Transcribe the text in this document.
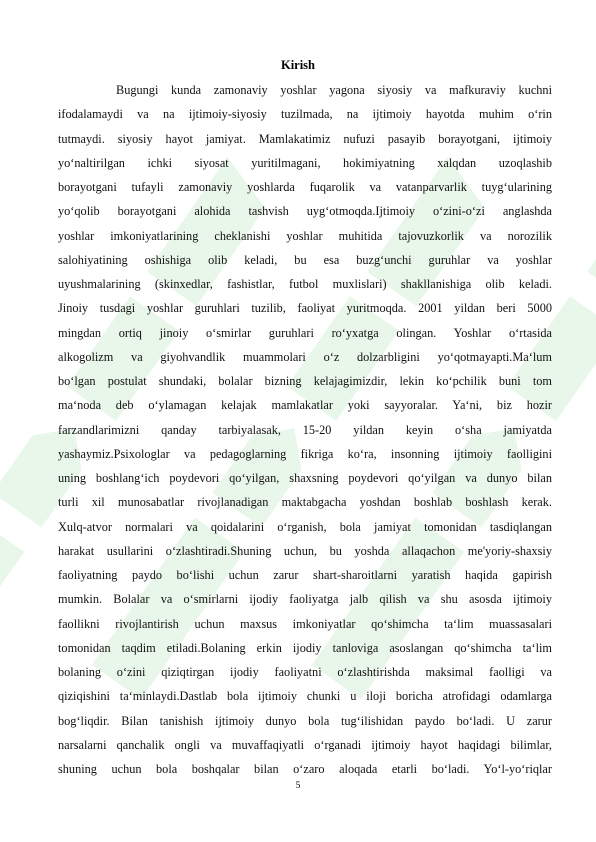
Kirish
Bugungi kunda zamonaviy yoshlar yagona siyosiy va mafkuraviy kuchni
ifodalamaydi va na ijtimoiy-siyosiy tuzilmada, na ijtimoiy hayotda muhim o‘rin
tutmaydi. siyosiy hayot jamiyat. Mamlakatimiz nufuzi pasayib borayotgani, ijtimoiy
yo‘naltirilgan ichki siyosat yuritilmagani, hokimiyatning xalqdan uzoqlashib
borayotgani tufayli zamonaviy yoshlarda fuqarolik va vatanparvarlik tuyg‘ularining
yo‘qolib borayotgani alohida tashvish uyg‘otmoqda.Ijtimoiy o‘zini-o‘zi anglashda
yoshlar imkoniyatlarining cheklanishi yoshlar muhitida tajovuzkorlik va norozilik
salohiyatining oshishiga olib keladi, bu esa buzg‘unchi guruhlar va yoshlar
uyushmalarining (skinxedlar, fashistlar, futbol muxlislari) shakllanishiga olib keladi.
Jinoiy tusdagi yoshlar guruhlari tuzilib, faoliyat yuritmoqda. 2001 yildan beri 5000
mingdan ortiq jinoiy o‘smirlar guruhlari ro‘yxatga olingan. Yoshlar o‘rtasida
alkogolizm va giyohvandlik muammolari o‘z dolzarbligini yo‘qotmayapti.Ma‘lum
bo‘lgan postulat shundaki, bolalar bizning kelajagimizdir, lekin ko‘pchilik buni tom
ma‘noda deb o‘ylamagan kelajak mamlakatlar yoki sayyoralar. Ya‘ni, biz hozir
farzandlarimizni qanday tarbiyalasak, 15-20 yildan keyin o‘sha jamiyatda
yashaymiz.Psixologlar va pedagoglarning fikriga ko‘ra, insonning ijtimoiy faolligini
uning boshlang‘ich poydevori qo‘yilgan, shaxsning poydevori qo‘yilgan va dunyo bilan
turli xil munosabatlar rivojlanadigan maktabgacha yoshdan boshlab boshlash kerak.
Xulq-atvor normalari va qoidalarini o‘rganish, bola jamiyat tomonidan tasdiqlangan
harakat usullarini o‘zlashtiradi.Shuning uchun, bu yoshda allaqachon me'yoriy-shaxsiy
faoliyatning paydo bo‘lishi uchun zarur shart-sharoitlarni yaratish haqida gapirish
mumkin. Bolalar va o‘smirlarni ijodiy faoliyatga jalb qilish va shu asosda ijtimoiy
faollikni rivojlantirish uchun maxsus imkoniyatlar qo‘shimcha ta‘lim muassasalari
tomonidan taqdim etiladi.Bolaning erkin ijodiy tanloviga asoslangan qo‘shimcha ta‘lim
bolaning o‘zini qiziqtirgan ijodiy faoliyatni o‘zlashtirishda maksimal faolligi va
qiziqishini ta‘minlaydi.Dastlab bola ijtimoiy chunki u iloji boricha atrofidagi odamlarga
bog‘liqdir. Bilan tanishish ijtimoiy dunyo bola tug‘ilishidan paydo bo‘ladi. U zarur
narsalarni qanchalik ongli va muvaffaqiyatli o‘rganadi ijtimoiy hayot haqidagi bilimlar,
shuning uchun bola boshqalar bilan o‘zaro aloqada etarli bo‘ladi. Yo‘l-yo‘riqlar
5
